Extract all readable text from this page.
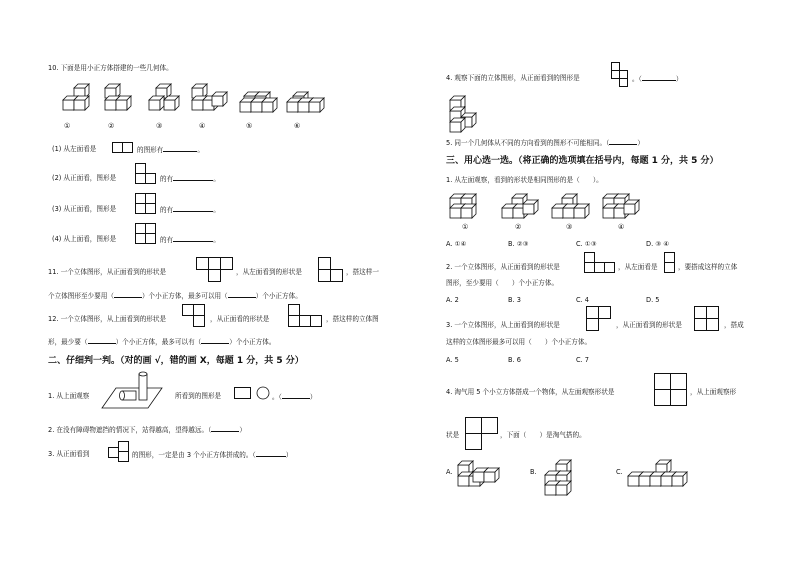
10. 下面是用小正方体搭建的一些几何体。
①	②	③	④	⑤	⑥
(1) 从左面看是	的图形有	。
(2) 从正面看，图形是	的有	。
(3) 从正面看，图形是	的有	。
(4) 从上面看，图形是	的有	。
11. 一个立体图形，从正面看到的形状是	，从左面看到的形状是	，搭这样一
个立体图形至少要用（	）个小正方体，最多可以用（	）个小正方体。
12. 一个立体图形，从上面看到的形状是	，从正面看的形状是	，搭这样的立体图
形，最少要（	）个小正方体，最多可以有（	）个小正方体。
二、仔细判一判。（对的画 √，错的画 X，每题 1 分，共 5 分）
1. 从上面观察	所看到的图形是	。（	）
2. 在没有障碍物遮挡的情况下，站得越高，望得越远。（	）
3. 从正面看到	的图形，一定是由 3 个小正方体拼成的。（	）
4. 观察下面的立体图形，从正面看到的图形是	。（	）
5. 同一个几何体从不同的方向看到的图形不可能相同。（	）
三、用心选一选。（将正确的选项填在括号内，每题 1 分，共 5 分）
1. 从左面观察，看到的形状是相同图形的是（　　）。
①	②	③	④
A. ①④	B. ②③	C. ①③	D. ③ ④
2. 一个立体图形，从正面看到的形状是	，从左面看是	，要搭成这样的立体
图形，至少要用（　　）个小正方体。
A. 2	B. 3	C. 4	D. 5
3. 一个立体图形，从上面看到的形状是	，从正面看到的形状是	，搭成
这样的立体图形最多可以用（　　）个小正方体。
A. 5	B. 6	C. 7
4. 淘气用 5 个小立方体搭成一个物体，从左面观察形状是	，从上面观察形
状是	，下面（　　）是淘气搭的。
A.	B.	C.
